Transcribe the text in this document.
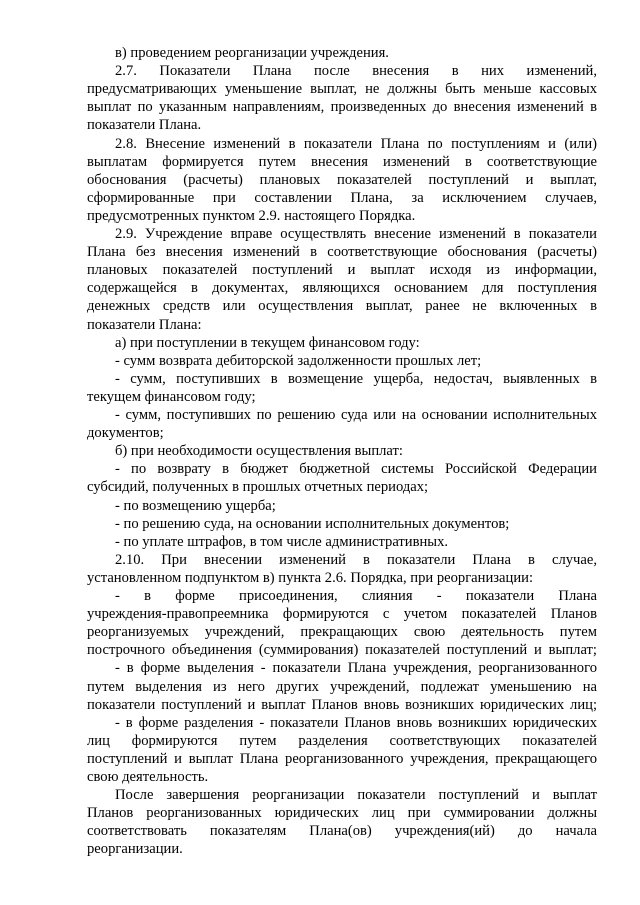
в) проведением реорганизации учреждения.
2.7. Показатели Плана после внесения в них изменений,
предусматривающих уменьшение выплат, не должны быть меньше кассовых
выплат по указанным направлениям, произведенных до внесения изменений в
показатели Плана.
2.8. Внесение изменений в показатели Плана по поступлениям и (или)
выплатам формируется путем внесения изменений в соответствующие
обоснования (расчеты) плановых показателей поступлений и выплат,
сформированные при составлении Плана, за исключением случаев,
предусмотренных пунктом 2.9. настоящего Порядка.
2.9. Учреждение вправе осуществлять внесение изменений в показатели
Плана без внесения изменений в соответствующие обоснования (расчеты)
плановых показателей поступлений и выплат исходя из информации,
содержащейся в документах, являющихся основанием для поступления
денежных средств или осуществления выплат, ранее не включенных в
показатели Плана:
а) при поступлении в текущем финансовом году:
- сумм возврата дебиторской задолженности прошлых лет;
- сумм, поступивших в возмещение ущерба, недостач, выявленных в
текущем финансовом году;
- сумм, поступивших по решению суда или на основании исполнительных
документов;
б) при необходимости осуществления выплат:
- по возврату в бюджет бюджетной системы Российской Федерации
субсидий, полученных в прошлых отчетных периодах;
- по возмещению ущерба;
- по решению суда, на основании исполнительных документов;
- по уплате штрафов, в том числе административных.
2.10. При внесении изменений в показатели Плана в случае,
установленном подпунктом в) пункта 2.6. Порядка, при реорганизации:
- в форме присоединения, слияния - показатели Плана
учреждения-правопреемника формируются с учетом показателей Планов
реорганизуемых учреждений, прекращающих свою деятельность путем
построчного объединения (суммирования) показателей поступлений и выплат;
- в форме выделения - показатели Плана учреждения, реорганизованного
путем выделения из него других учреждений, подлежат уменьшению на
показатели поступлений и выплат Планов вновь возникших юридических лиц;
- в форме разделения - показатели Планов вновь возникших юридических
лиц формируются путем разделения соответствующих показателей
поступлений и выплат Плана реорганизованного учреждения, прекращающего
свою деятельность.
После завершения реорганизации показатели поступлений и выплат
Планов реорганизованных юридических лиц при суммировании должны
соответствовать показателям Плана(ов) учреждения(ий) до начала
реорганизации.
